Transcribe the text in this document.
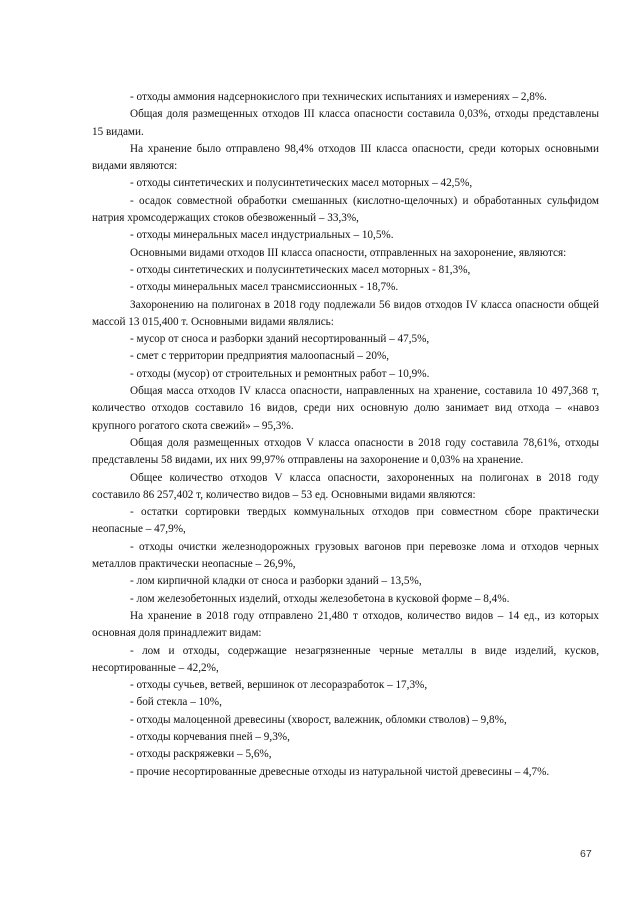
- отходы аммония надсернокислого при технических испытаниях и измерениях – 2,8%.

Общая доля размещенных отходов III класса опасности составила 0,03%, отходы представлены 15 видами.

На хранение было отправлено 98,4% отходов III класса опасности, среди которых основными видами являются:

- отходы синтетических и полусинтетических масел моторных – 42,5%,

- осадок совместной обработки смешанных (кислотно-щелочных) и обработанных сульфидом натрия хромсодержащих стоков обезвоженный – 33,3%,

- отходы минеральных масел индустриальных – 10,5%.

Основными видами отходов III класса опасности, отправленных на захоронение, являются:

- отходы синтетических и полусинтетических масел моторных - 81,3%,

- отходы минеральных масел трансмиссионных - 18,7%.

Захоронению на полигонах в 2018 году подлежали 56 видов отходов IV класса опасности общей массой 13 015,400 т. Основными видами являлись:

- мусор от сноса и разборки зданий несортированный – 47,5%,

- смет с территории предприятия малоопасный – 20%,

- отходы (мусор) от строительных и ремонтных работ – 10,9%.

Общая масса отходов IV класса опасности, направленных на хранение, составила 10 497,368 т, количество отходов составило 16 видов, среди них основную долю занимает вид отхода – «навоз крупного рогатого скота свежий» – 95,3%.

Общая доля размещенных отходов V класса опасности в 2018 году составила 78,61%, отходы представлены 58 видами, их них 99,97% отправлены на захоронение и 0,03% на хранение.

Общее количество отходов V класса опасности, захороненных на полигонах в 2018 году составило 86 257,402 т, количество видов – 53 ед. Основными видами являются:

- остатки сортировки твердых коммунальных отходов при совместном сборе практически неопасные – 47,9%,

- отходы очистки железнодорожных грузовых вагонов при перевозке лома и отходов черных металлов практически неопасные – 26,9%,

- лом кирпичной кладки от сноса и разборки зданий – 13,5%,

- лом железобетонных изделий, отходы железобетона в кусковой форме – 8,4%.

На хранение в 2018 году отправлено 21,480 т отходов, количество видов – 14 ед., из которых основная доля принадлежит видам:

- лом и отходы, содержащие незагрязненные черные металлы в виде изделий, кусков, несортированные – 42,2%,

- отходы сучьев, ветвей, вершинок от лесоразработок – 17,3%,

- бой стекла – 10%,

- отходы малоценной древесины (хворост, валежник, обломки стволов) – 9,8%,

- отходы корчевания пней – 9,3%,

- отходы раскряжевки – 5,6%,

- прочие несортированные древесные отходы из натуральной чистой древесины – 4,7%.

67
